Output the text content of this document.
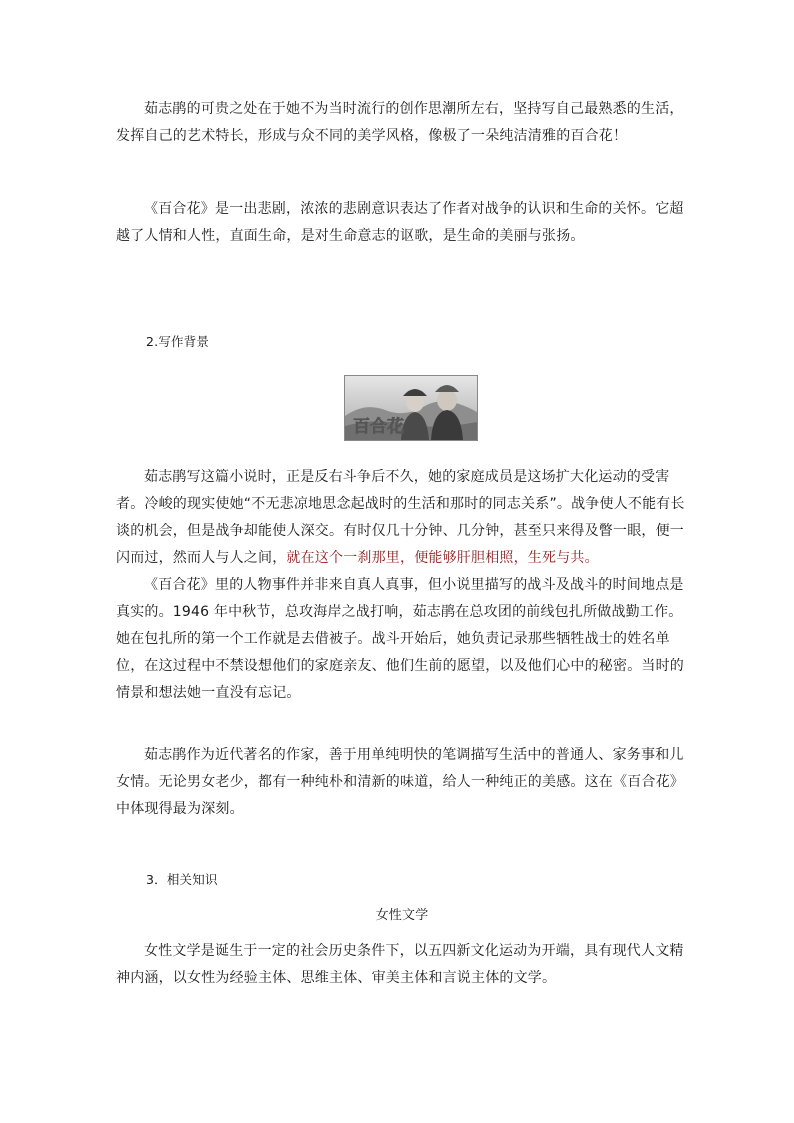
茹志鹃的可贵之处在于她不为当时流行的创作思潮所左右，坚持写自己最熟悉的生活，发挥自己的艺术特长，形成与众不同的美学风格，像极了一朵纯洁清雅的百合花！

《百合花》是一出悲剧，浓浓的悲剧意识表达了作者对战争的认识和生命的关怀。它超越了人情和人性，直面生命，是对生命意志的讴歌，是生命的美丽与张扬。

2.写作背景

百合花

茹志鹃写这篇小说时，正是反右斗争后不久，她的家庭成员是这场扩大化运动的受害者。冷峻的现实使她“不无悲凉地思念起战时的生活和那时的同志关系”。战争使人不能有长谈的机会，但是战争却能使人深交。有时仅几十分钟、几分钟，甚至只来得及瞥一眼，便一闪而过，然而人与人之间，就在这个一刹那里，便能够肝胆相照，生死与共。

《百合花》里的人物事件并非来自真人真事，但小说里描写的战斗及战斗的时间地点是真实的。1946 年中秋节，总攻海岸之战打响，茹志鹃在总攻团的前线包扎所做战勤工作。她在包扎所的第一个工作就是去借被子。战斗开始后，她负责记录那些牺牲战士的姓名单位，在这过程中不禁设想他们的家庭亲友、他们生前的愿望，以及他们心中的秘密。当时的情景和想法她一直没有忘记。

茹志鹃作为近代著名的作家，善于用单纯明快的笔调描写生活中的普通人、家务事和儿女情。无论男女老少，都有一种纯朴和清新的味道，给人一种纯正的美感。这在《百合花》中体现得最为深刻。

3．相关知识

女性文学

女性文学是诞生于一定的社会历史条件下，以五四新文化运动为开端，具有现代人文精神内涵，以女性为经验主体、思维主体、审美主体和言说主体的文学。
